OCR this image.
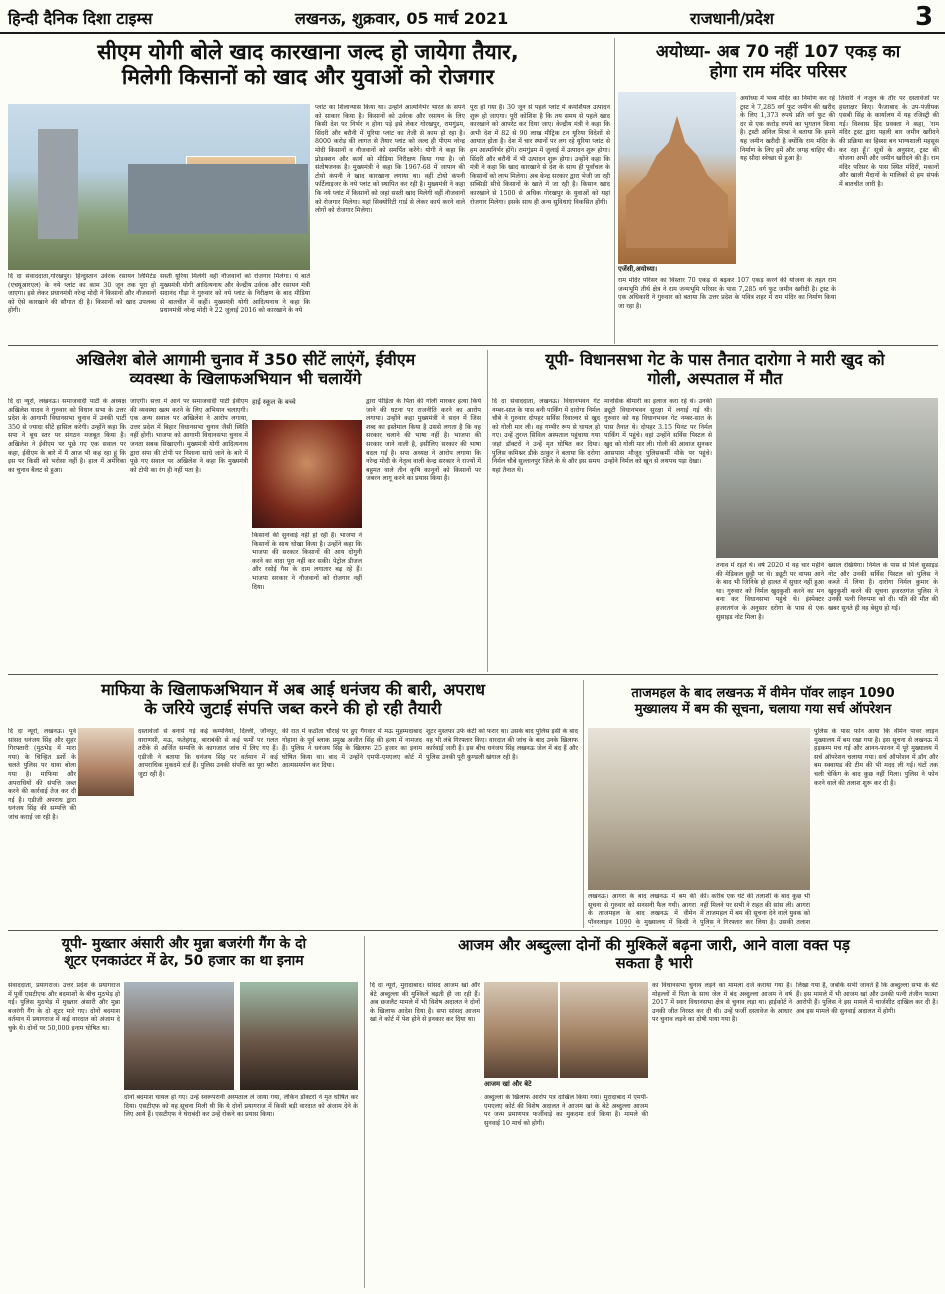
हिन्दी दैनिक दिशा टाइम्स	लखनऊ, शुक्रवार, 05 मार्च 2021	राजधानी/प्रदेश	3
सीएम योगी बोले खाद कारखाना जल्द हो जायेगा तैयार,
मिलेगी किसानों को खाद और युवाओं को रोजगार
दि दा संवाददाता,गोरखपुर। हिन्दुस्तान उर्वरक रसायन लिमिटेड (एचयूआरएल) के नये प्लांट का काम 30 जून तक पूरा हो जाएगा। इसे लेकर प्रधानमंत्री नरेन्द्र मोदी ने किसानों और नौजवानों को ऐसे कारखाने की सौगात दी है। किसानों को खाद उपलब्ध होगी।
सस्ती यूरिया मिलेगी वहीं नौजवानों को रोजगार मिलेगा। ये बातें मुख्यमंत्री योगी आदित्यनाथ और केन्द्रीय उर्वरक और रसायन मंत्री सदानंद गौड़ा ने गुरुवार को नये प्लांट के निरीक्षण के बाद मीडिया से बातचीत में कहीं। मुख्यमंत्री योगी आदित्यनाथ ने कहा कि प्रधानमंत्री नरेन्द्र मोदी ने 22 जुलाई 2016 को कारखाने के नये
प्लांट का शिलान्यास किया था। उन्होंने आत्मनिर्भर भारत के सपने को साकार किया है। किसानों को उर्वरक और रसायन के लिए किसी देश पर निर्भर न होना पड़े इसे लेकर गोरखपुर, रामगुंडम, सिंदरी और बरौनी में यूरिया प्लांट का तेजी से काम हो रहा है। 8000 करोड़ की लागत से तैयार प्लांट को जल्द ही पीएम नरेन्द्र मोदी किसानों व नौजवानों को समर्पित करेंगे। योगी ने कहा कि प्रोडक्शन और कार्य को मीडिया निरीक्षण किया गया है। जो संतोषजनक है। मुख्यमंत्री ने कहा कि 1967-68 में जापान की टोयो कंपनी ने खाद कारखाना लगाया था। वहीं टोयो कंपनी फर्टिलाइजर के नये प्लांट को स्थापित कर रही है। मुख्यमंत्री ने कहा कि नये प्लांट में किसानों को जहां सस्ती खाद मिलेगी वहीं नौजवानों को रोजगार मिलेगा। यहां सिक्योरिटी गार्ड से लेकर कार्य करने वाले लोगों को रोजगार मिलेगा।
पूरा हो गया है। 30 जून से पहले प्लांट में कमर्शियल उत्पादन शुरू हो जाएगा। पूरी कोशिश है कि तय समय से पहले खाद कारखाने को आपरेट कर दिया जाए। केन्द्रीय मंत्री ने कहा कि अभी देश में 82 से 90 लाख मीट्रिक टन यूरिया विदेशों से आयात होता है। देश में चार स्थानों पर लग रहे यूरिया प्लांट से हम आत्मनिर्भर होंगे। रामगुंडम में जुलाई में उत्पादन शुरू होगा। सिंदरी और बरौनी में भी उत्पादन शुरू होगा। उन्होंने कहा कि मंत्री ने कहा कि खाद कारखाने से देश के साथ ही पूर्वांचल के किसानों को लाभ मिलेगा। अब केन्द्र सरकार द्वारा भेजी जा रही सब्सिडी सीधे किसानों के खाते में जा रही है। किसान खाद कारखाने से 1500 से अधिक गोरखपुर के युवाओं को यहां रोजगार मिलेगा। इसके साथ ही अन्य सुविधाएं विकसित होंगी।
अयोध्या- अब 70 नहीं 107 एकड़ का
होगा राम मंदिर परिसर
एजेंसी,अयोध्या।
अयोध्या में भव्य मंदिर का निर्माण कर रहे ट्रस्ट ने 7,285 वर्ग फुट जमीन की खरीद के लिए 1,373 रुपये प्रति वर्ग फुट की दर से एक करोड़ रुपये का भुगतान किया है। ट्रस्टी अनिल मिश्रा ने बताया कि हमने यह जमीन खरीदी है क्योंकि राम मंदिर के निर्माण के लिए हमें और जगह चाहिए थी। यह सौदा स्वेच्छा से हुआ है।
तिवारी ने नजूल के तौर पर दस्तावेजों पर हस्ताक्षर किए। फैजाबाद के उप-पंजीयक एसबी सिंह के कार्यालय में यह रजिस्ट्री की गई। विश्वास हिंद प्रवक्ता ने कहा, 'राम मंदिर ट्रस्ट द्वारा पहली बार जमीन खरीदने की प्रक्रिया का हिस्सा बन भाग्यशाली महसूस कर रहा हूँ।' सूत्रों के अनुसार, ट्रस्ट की योजना अभी और जमीन खरीदने की है। राम मंदिर परिसर के पास स्थित मंदिरों, मकानों और खाली मैदानों के मालिकों से हम संपर्क में बातचीत जारी है।
राम मंदिर परिसर का विस्तार 70 एकड़ से बढ़कर 107 एकड़ करने की योजना के तहत राम जन्मभूमि तीर्थ क्षेत्र ने राम जन्मभूमि परिसर के पास 7,285 वर्ग फुट जमीन खरीदी है। ट्रस्ट के एक अधिकारी ने गुरुवार को बताया कि उत्तर प्रदेश के पवित्र शहर में राम मंदिर का निर्माण किया जा रहा है।
अखिलेश बोले आगामी चुनाव में 350 सीटें लाएंगें, ईवीएम
व्यवस्था के खिलाफअभियान भी चलायेंगे
दि दा न्यूरो, लखनऊ। समाजवादी पार्टी के अध्यक्ष अखिलेश यादव ने गुरुवार को विधान सभा के उत्तर प्रदेश के आगामी विधानसभा चुनाव में उनकी पार्टी 350 से ज्यादा सीटें हासिल करेगी। उन्होंने कहा कि सपा ने बूथ स्तर पर संगठन मजबूत किया है। अखिलेश ने ईवीएम पर पूछे गए एक सवाल पर कहा, ईवीएम के बारे में मैं आज भी कह रहा हूं कि इस पर किसी को भरोसा नहीं है। हाल में अमेरिका का चुनाव बैलट से हुआ।
जाएगी। सत्ता में आने पर समाजवादी पार्टी ईवीएम की व्यवस्था खत्म करने के लिए अभियान चलाएगी। एक अन्य सवाल पर अखिलेश ने आरोप लगाया, उत्तर प्रदेश में बिहार विधानसभा चुनाव जैसी स्थिति नहीं होगी। भाजपा को आगामी विधानसभा चुनाव में जनता सबक सिखाएगी। मुख्यमंत्री योगी आदित्यनाथ द्वारा सपा की टोपी पर निशाना साधे जाने के बारे में पूछे गए सवाल पर अखिलेश ने कहा कि मुख्यमंत्री को टोपी का रंग ही नहीं पता है।
हाई स्कूल के बच्चे	द्वारा पीड़िता के पिता की गोली मारकर हत्या किये जाने की घटना पर राजनीति करने का आरोप लगाया। उन्होंने कहा मुख्यमंत्री ने सदन में जिस शब्द का इस्तेमाल किया है उससे लगता है कि वह सरकार चलाने की भाषा नहीं है। भाजपा की सरकार जाने वाली है, इसीलिए सरकार की भाषा बदल गई है। सपा अध्यक्ष ने आरोप लगाया कि नरेन्द्र मोदी के नेतृत्व वाली केन्द्र सरकार ने राज्यों में बहुमत वाले तीन कृषि कानूनों को किसानों पर जबरन लागू करने का प्रयास किया है।
किसानों की सुनवाई नहीं हो रही है। भाजपा ने किसानों के साथ धोखा किया है। उन्होंने कहा कि भाजपा की सरकार किसानों की आय दोगुनी करने का वादा पूरा नहीं कर सकी। पेट्रोल डीजल और रसोई गैस के दाम लगातार बढ़ रहे हैं। भाजपा सरकार ने नौजवानों को रोजगार नहीं दिया।
यूपी- विधानसभा गेट के पास तैनात दारोगा ने मारी खुद को
गोली, अस्पताल में मौत
दि दा संवाददाता, लखनऊ। विधानभवन गेट नम्बर-सात के पास बनी पार्किंग में दारोगा निर्मल चौबे ने गुरुवार दोपहर सर्विस रिवाल्वर से खुद को गोली मार ली। वह गम्भीर रूप से घायल हो गए। उन्हें तुरन्त सिविल अस्पताल पहुंचाया गया जहां डॉक्टरों ने उन्हें मृत घोषित कर दिया। पुलिस कमिश्नर डीके ठाकुर ने बताया कि दरोगा निर्मल चौबे सुल्तानपुर जिले के थे और इस समय यहां तैनात थे।
मानसिक बीमारी का इलाज करा रहे थे। उनकी ड्यूटी विधानभवन सुरक्षा में लगाई गई थी। गुरुवार को यह विधानभवन गेट नम्बर-सात के पास तैनात थे। दोपहर 3.15 मिनट पर निर्मल पार्किंग में पहुंचे। वहां उन्होंने सर्विस पिस्टल से खुद को गोली मार ली। गोली की आवाज सुनकर आसपास मौजूद पुलिसकर्मी मौके पर पहुंचे। उन्होंने निर्मल को खून से लथपथ पड़ा देखा।
तनाव में रहते थे। वर्ष 2020 में वह चार महीने की मेडिकल छुट्टी पर थे। ड्यूटी पर वापस आने के बाद भी जिनिके हो हालत में सुधार नहीं हुआ था। गुरुवार को निर्मल खुदकुशी करने का मन बना कर विधानसभा पहुंचे थे। इंस्पेक्टर हजरतगंज के अनुसार दरोगा के पास से एक सुसाइड नोट मिला है।
ख्याल रखियेगा। निर्मल के पास से मिले सुसाइड नोट और उनकी सर्विस पिस्टल को पुलिस ने कब्जे में लिया है। दारोगा निर्मल कुमार के खुदकुशी करने की सूचना हजरतगंज पुलिस ने उनकी पत्नी निरुपमा को दी। पति की मौत की खबर सुनते ही वह बेसुध हो गईं।
माफिया के खिलाफअभियान में अब आई धनंजय की बारी, अपराध
के जरिये जुटाई संपत्ति जब्त करने की हो रही तैयारी
दि दा न्यूरो, लखनऊ। पूर्व सांसद धनंजय सिंह और सुहर गिरफ्तारी (मुठभेड़ में मारा गया) के चिन्हित डर्शो के चलते पुलिस पर धावा बोला गया है। माफिया और अपराधियों की संपत्ति जब्त करने की कार्रवाई तेज कर दी गई है। एडीजी अपराध द्वारा धनंजय सिंह की सम्पत्ति की जांच कराई जा रही है।
दस्तावेजों से बनाये गई कई कम्पनियां, दिल्ली, जौनपुर, वाराणसी, मऊ, फतेहगढ़, बाराबंकी से कई फर्मों पर गलत तरीके से अर्जित सम्पत्ति के कागजात जांच में लिए गए हैं। एडीजी ने बताया कि धनंजय सिंह पर वर्तमान में कई आपराधिक मुकदमे दर्ज हैं। पुलिस उनकी संपत्ति का पूरा ब्यौरा जुटा रही है।
की रात में कठौता चौराहे पर हुए गैंगवार में मऊ मुहम्मदाबाद गोहाना के पूर्व ब्लाक प्रमुख अजीत सिंह की हत्या में नामजद हैं। पुलिस ने धनंजय सिंह के खिलाफ 25 हजार का इनाम घोषित किया था। बाद में उन्होंने एमपी-एमएलए कोर्ट में आत्मसमर्पण कर दिया।
शूटर मुस्तफा उर्फ कंटी को फरार था। उसके बाद पुलिस इसी के बाद वह भी लंबे गिरफ्तार किए। वारदात की जांच के बाद उनके खिलाफ कार्रवाई जारी है। इस बीच धनंजय सिंह लखनऊ जेल में बंद हैं और पुलिस उनकी पूरी कुण्डली खंगाल रही है।
ताजमहल के बाद लखनऊ में वीमेन पॉवर लाइन 1090
मुख्यालय में बम की सूचना, चलाया गया सर्च ऑपरेशन
लखनऊ। आगरा के बाद लखनऊ में बम की सूचना से गुरुवार को सनसनी फैल गयी। आगरा के ताजमहल के बाद लखनऊ में वीमेन पॉवरलाइन 1090 के मुख्यालय में किसी ने
की। करीब एक घंटे की तलाशी के बाद कुछ भी नहीं मिलने पर सभी ने राहत की सांस ली। आगरा में ताजमहल में बम की सूचना देने वाले युवक को पुलिस ने गिरफ्तार कर लिया है। उसकी तलाश
पुलिस के पास फोन आया कि वीमेन पावर लाइन मुख्यालय में बम रखा गया है। इस सूचना से लखनऊ में हड़कम्प मच गई और आनन-फानन में पूरे मुख्यालय में सर्च ऑपरेशन चलाया गया। सर्च ऑपरेशन में डॉग और बम स्क्वायड की टीम की भी मदद ली गई। घंटों तक चली चेकिंग के बाद कुछ नहीं मिला। पुलिस ने फोन करने वाले की तलाश शुरू कर दी है।
यूपी- मुख्तार अंसारी और मुन्ना बजरंगी गैंग के दो
शूटर एनकाउंटर में ढेर, 50 हजार का था इनाम
संवाददाता, प्रयागराज। उत्तर प्रदेश के प्रयागराज में पूर्वी एसटीएफ और बदमाशों के बीच मुठभेड़ हो गई। पुलिस मुठभेड़ में मुख्तार अंसारी और मुन्ना बजरंगी गैंग के दो शूटर मारे गए। दोनों बदमाश वर्तमान में प्रयागराज में कई वारदात को अंजाम दे चुके थे। दोनों पर 50,000 इनाम घोषित था।
दोनों बदमाश घायल हो गए। उन्हें स्वरूपरानी अस्पताल ले जाया गया, लेकिन डॉक्टरों ने मृत घोषित कर दिया। एसटीएफ को यह सूचना मिली थी कि ये दोनों प्रयागराज में किसी बड़ी वारदात को अंजाम देने के लिए आये हैं। एसटीएफ ने घेराबंदी कर उन्हें रोकने का प्रयास किया।
आजम और अब्दुल्ला दोनों की मुश्किलें बढ़ना जारी, आने वाला वक्त पड़
सकता है भारी
दि दा न्यूरो, मुरादाबाद। सांसद आजम खां और बेटे अब्दुल्ला की मुश्किलें बढ़ती ही जा रही हैं। अब छजलैट मामले में भी विशेष अदालत ने दोनों के खिलाफ आदेश दिया है। सपा सांसद आजम खां ने कोर्ट में पेश होने से इनकार कर दिया था।
आजम खां और बेटे
अब्दुल्ला के खिलाफ आरोप पत्र दाखिल किया गया। मुरादाबाद में एमपी-एमएलए कोर्ट की विशेष अदालत ने आजम खां के बेटे अब्दुल्ला आजम पर जन्म प्रमाणपत्र फर्जीवाड़े का मुकदमा दर्ज किया है। मामले की सुनवाई 10 मार्च को होगी।
का विधानसभा चुनाव लड़ने का मामला दर्ज कराया गया है। मोहल्लों में पिता के साथ जेल में बंद अब्दुल्ला आजम ने वर्ष 2017 में स्वार विधानसभा क्षेत्र से चुनाव लड़ा था। हाईकोर्ट ने उनकी जीत निरस्त कर दी थी। उन्हें फर्जी दस्तावेज के आधार पर चुनाव लड़ने का दोषी पाया गया है।
लिखा गया है, जबकि सभी जानते हैं कि अब्दुल्ला सभा के बेटे हैं। इस मामले में भी आजम खां और उनकी पत्नी तंजीन फात्मा आरोपी हैं। पुलिस ने इस मामले में चार्जशीट दाखिल कर दी है। अब इस मामले की सुनवाई अदालत में होगी।
